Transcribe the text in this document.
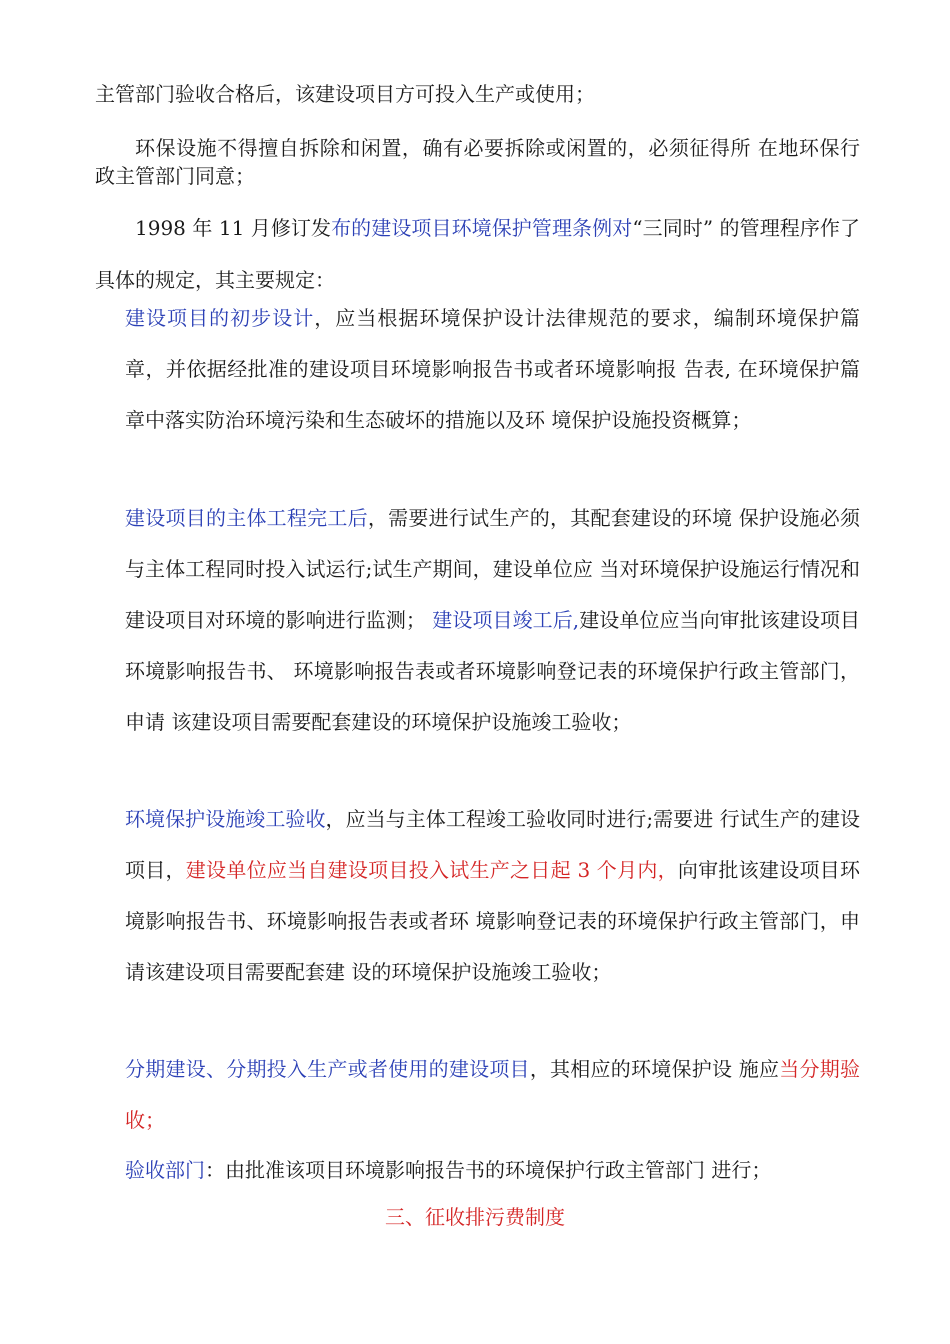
主管部门验收合格后，该建设项目方可投入生产或使用；
环保设施不得擅自拆除和闲置，确有必要拆除或闲置的，必须征得所 在地环保行政主管部门同意；
1998 年 11 月修订发布的建设项目环境保护管理条例对“三同时” 的管理程序作了具体的规定，其主要规定：
建设项目的初步设计，应当根据环境保护设计法律规范的要求，编制环境保护篇章，并依据经批准的建设项目环境影响报告书或者环境影响报 告表, 在环境保护篇章中落实防治环境污染和生态破坏的措施以及环 境保护设施投资概算；
建设项目的主体工程完工后，需要进行试生产的，其配套建设的环境 保护设施必须与主体工程同时投入试运行;试生产期间，建设单位应 当对环境保护设施运行情况和建设项目对环境的影响进行监测； 建设项目竣工后,建设单位应当向审批该建设项目环境影响报告书、 环境影响报告表或者环境影响登记表的环境保护行政主管部门，申请 该建设项目需要配套建设的环境保护设施竣工验收；
环境保护设施竣工验收，应当与主体工程竣工验收同时进行;需要进 行试生产的建设项目，建设单位应当自建设项目投入试生产之日起 3 个月内，向审批该建设项目环境影响报告书、环境影响报告表或者环 境影响登记表的环境保护行政主管部门，申请该建设项目需要配套建 设的环境保护设施竣工验收；
分期建设、分期投入生产或者使用的建设项目，其相应的环境保护设 施应当分期验收；
验收部门：由批准该项目环境影响报告书的环境保护行政主管部门 进行；
三、征收排污费制度
